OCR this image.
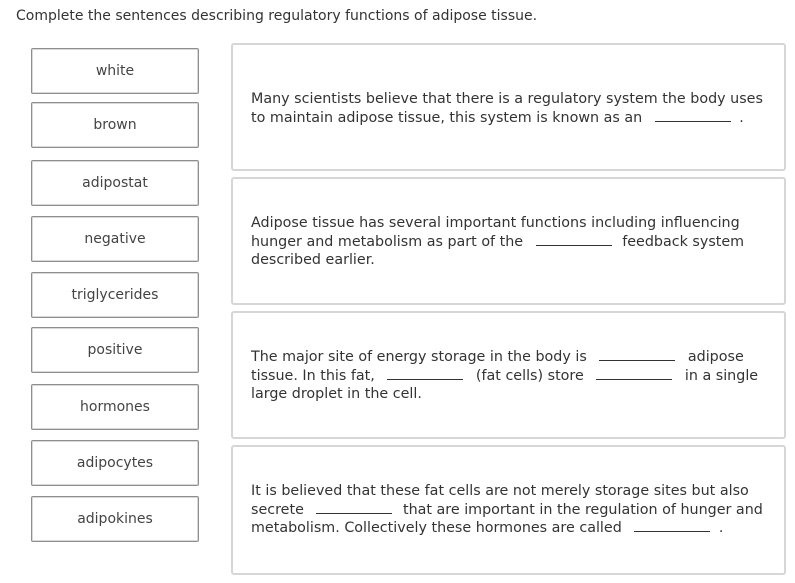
Complete the sentences describing regulatory functions of adipose tissue.
white
brown
adipostat
negative
triglycerides
positive
hormones
adipocytes
adipokines
Many scientists believe that there is a regulatory system the body uses
to maintain adipose tissue, this system is known as an	.
Adipose tissue has several important functions including influencing
hunger and metabolism as part of the	feedback system
described earlier.
The major site of energy storage in the body is	adipose
tissue. In this fat,	(fat cells) store	in a single
large droplet in the cell.
It is believed that these fat cells are not merely storage sites but also
secrete	that are important in the regulation of hunger and
metabolism. Collectively these hormones are called	.
